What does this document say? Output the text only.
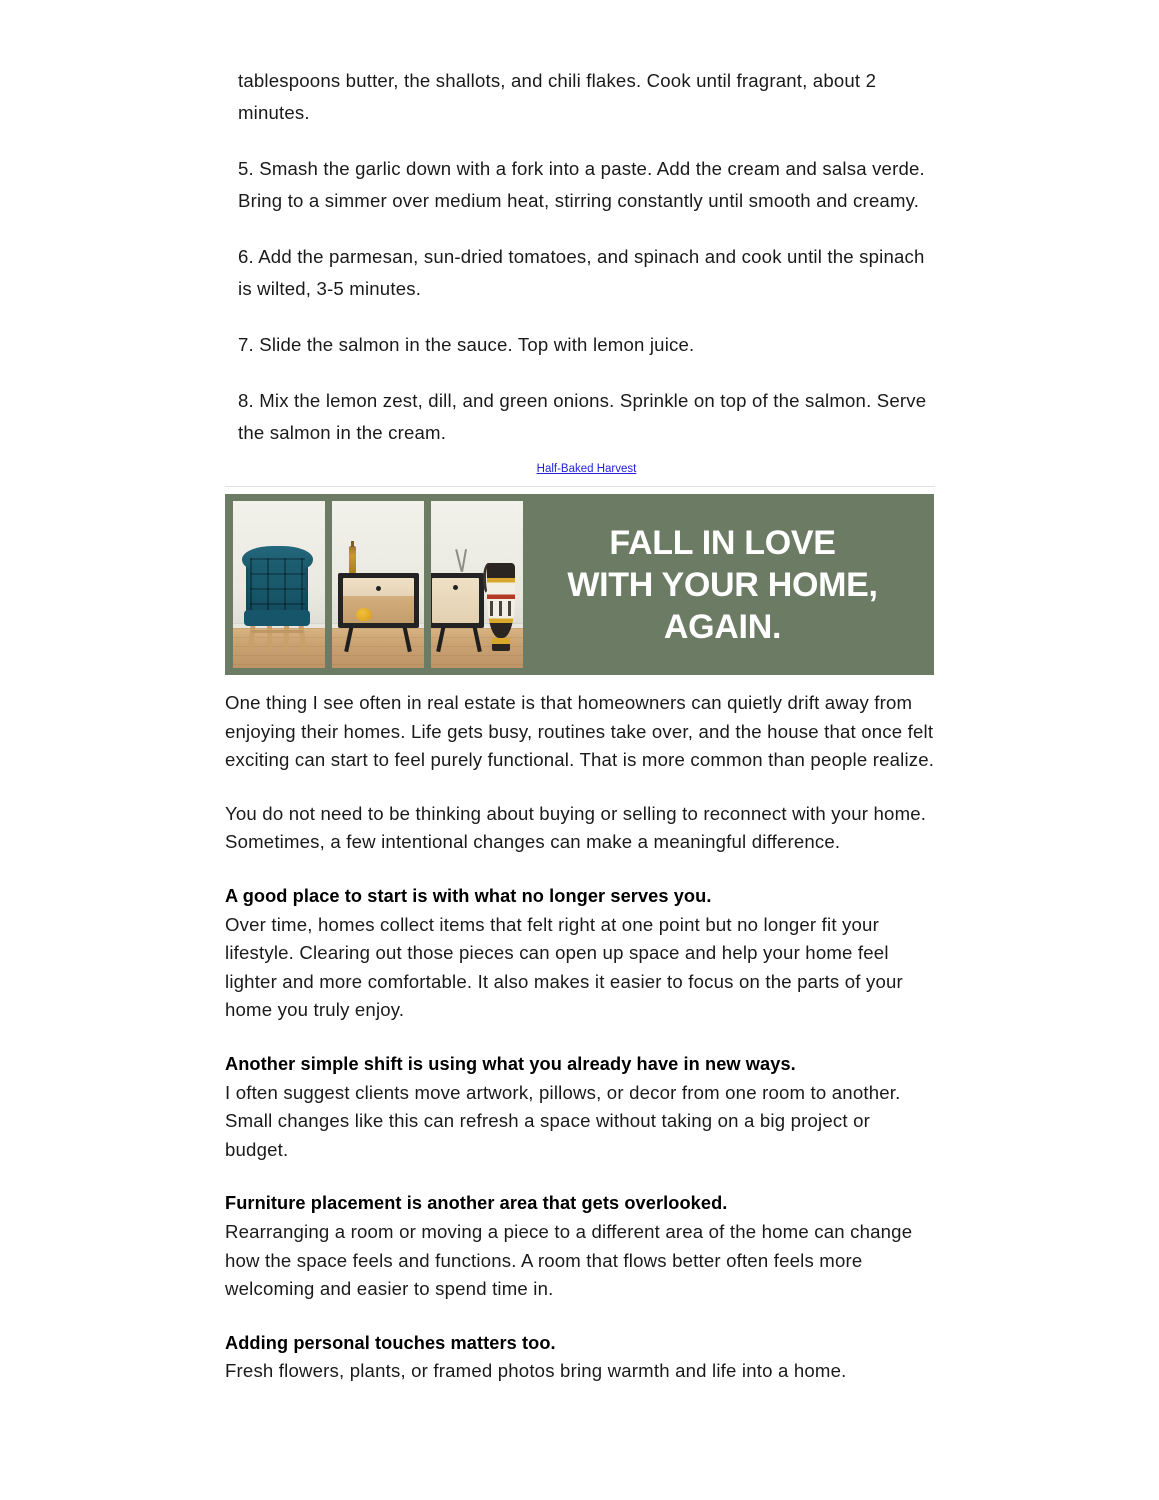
tablespoons butter, the shallots, and chili flakes. Cook until fragrant, about 2 minutes.

5. Smash the garlic down with a fork into a paste. Add the cream and salsa verde. Bring to a simmer over medium heat, stirring constantly until smooth and creamy.

6. Add the parmesan, sun-dried tomatoes, and spinach and cook until the spinach is wilted, 3-5 minutes.

7. Slide the salmon in the sauce. Top with lemon juice.

8. Mix the lemon zest, dill, and green onions. Sprinkle on top of the salmon. Serve the salmon in the cream.

Half-Baked Harvest
FALL IN LOVE
WITH YOUR HOME,
AGAIN.

One thing I see often in real estate is that homeowners can quietly drift away from enjoying their homes. Life gets busy, routines take over, and the house that once felt exciting can start to feel purely functional. That is more common than people realize.

You do not need to be thinking about buying or selling to reconnect with your home. Sometimes, a few intentional changes can make a meaningful difference.

A good place to start is with what no longer serves you.

Over time, homes collect items that felt right at one point but no longer fit your lifestyle. Clearing out those pieces can open up space and help your home feel lighter and more comfortable. It also makes it easier to focus on the parts of your home you truly enjoy.

Another simple shift is using what you already have in new ways.

I often suggest clients move artwork, pillows, or decor from one room to another. Small changes like this can refresh a space without taking on a big project or budget.

Furniture placement is another area that gets overlooked.

Rearranging a room or moving a piece to a different area of the home can change how the space feels and functions. A room that flows better often feels more welcoming and easier to spend time in.

Adding personal touches matters too.

Fresh flowers, plants, or framed photos bring warmth and life into a home.
